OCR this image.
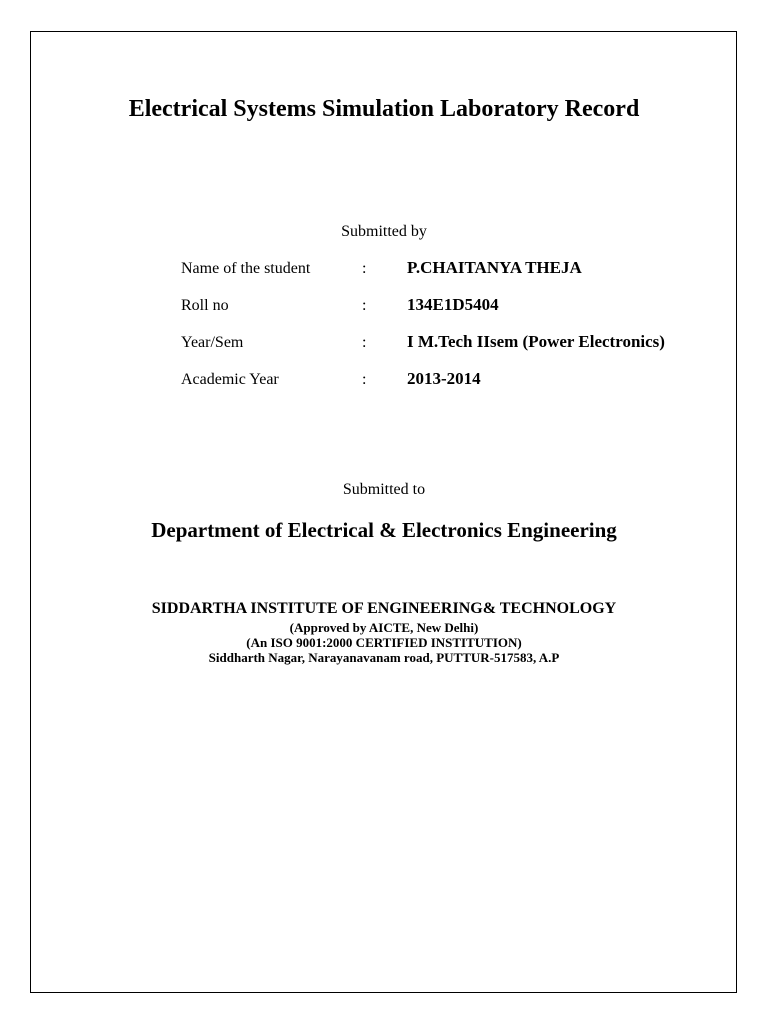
Electrical Systems Simulation Laboratory Record
Submitted by
Name of the student	: P.CHAITANYA THEJA
Roll no	: 134E1D5404
Year/Sem	: I M.Tech IIsem (Power Electronics)
Academic Year	: 2013-2014
Submitted to
Department of Electrical & Electronics Engineering
SIDDARTHA INSTITUTE OF ENGINEERING& TECHNOLOGY
(Approved by AICTE, New Delhi)
(An ISO 9001:2000 CERTIFIED INSTITUTION)
Siddharth Nagar, Narayanavanam road, PUTTUR-517583, A.P
